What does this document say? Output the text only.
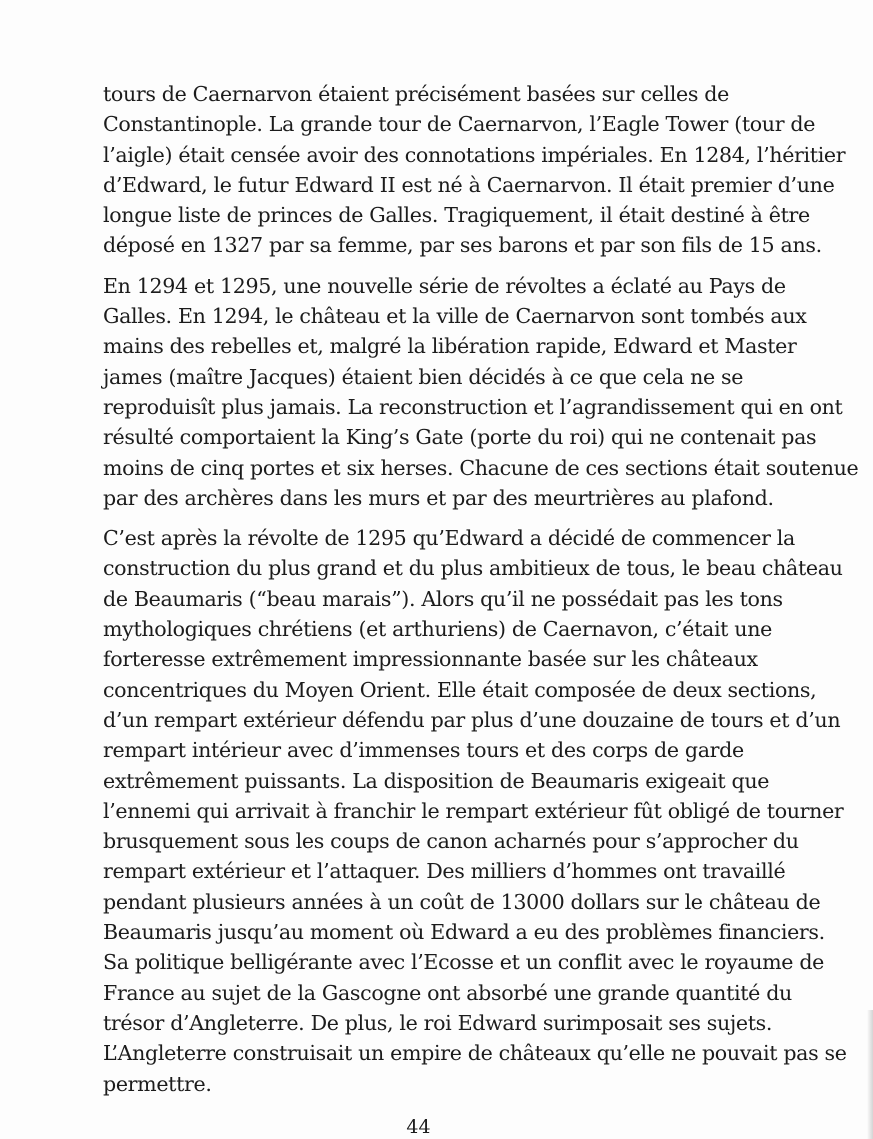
tours de Caernarvon étaient précisément basées sur celles de
Constantinople. La grande tour de Caernarvon, l’Eagle Tower (tour de
l’aigle) était censée avoir des connotations impériales. En 1284, l’héritier
d’Edward, le futur Edward II est né à Caernarvon. Il était premier d’une
longue liste de princes de Galles. Tragiquement, il était destiné à être
déposé en 1327 par sa femme, par ses barons et par son fils de 15 ans.

En 1294 et 1295, une nouvelle série de révoltes a éclaté au Pays de
Galles. En 1294, le château et la ville de Caernarvon sont tombés aux
mains des rebelles et, malgré la libération rapide, Edward et Master
james (maître Jacques) étaient bien décidés à ce que cela ne se
reproduisît plus jamais. La reconstruction et l’agrandissement qui en ont
résulté comportaient la King’s Gate (porte du roi) qui ne contenait pas
moins de cinq portes et six herses. Chacune de ces sections était soutenue
par des archères dans les murs et par des meurtrières au plafond.

C’est après la révolte de 1295 qu’Edward a décidé de commencer la
construction du plus grand et du plus ambitieux de tous, le beau château
de Beaumaris (“beau marais”). Alors qu’il ne possédait pas les tons
mythologiques chrétiens (et arthuriens) de Caernavon, c’était une
forteresse extrêmement impressionnante basée sur les châteaux
concentriques du Moyen Orient. Elle était composée de deux sections,
d’un rempart extérieur défendu par plus d’une douzaine de tours et d’un
rempart intérieur avec d’immenses tours et des corps de garde
extrêmement puissants. La disposition de Beaumaris exigeait que
l’ennemi qui arrivait à franchir le rempart extérieur fût obligé de tourner
brusquement sous les coups de canon acharnés pour s’approcher du
rempart extérieur et l’attaquer. Des milliers d’hommes ont travaillé
pendant plusieurs années à un coût de 13000 dollars sur le château de
Beaumaris jusqu’au moment où Edward a eu des problèmes financiers.
Sa politique belligérante avec l’Ecosse et un conflit avec le royaume de
France au sujet de la Gascogne ont absorbé une grande quantité du
trésor d’Angleterre. De plus, le roi Edward surimposait ses sujets.
L’Angleterre construisait un empire de châteaux qu’elle ne pouvait pas se
permettre.

44
